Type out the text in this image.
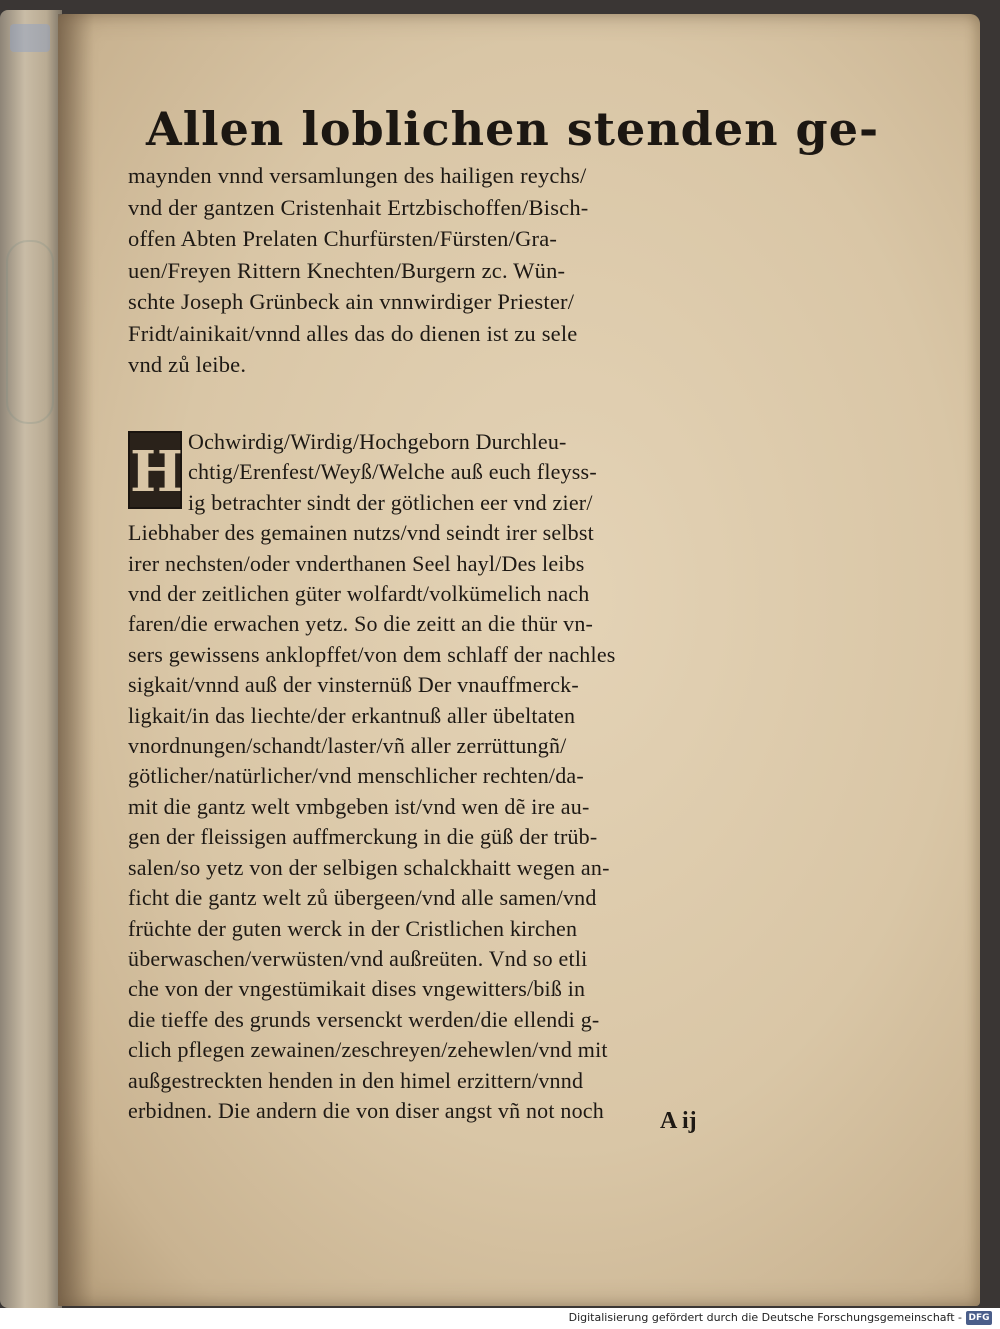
Allen loblichen stenden ge-
maynden vnnd versamlungen des hailigen reychs/
vnd der gantzen Cristenhait Ertzbischoffen/Bisch-
offen Abten Prelaten Churfürsten/Fürsten/Gra-
uen/Freyen Rittern Knechten/Burgern zc. Wün-
schte Joseph Grünbeck ain vnnwirdiger Priester/
Fridt/ainikait/vnnd alles das do dienen ist zu sele
vnd zů leibe.
H Ochwirdig/Wirdig/Hochgeborn Durchleu-
chtig/Erenfest/Weyß/Welche auß euch fleyss-
ig betrachter sindt der götlichen eer vnd zier/
Liebhaber des gemainen nutzs/vnd seindt irer selbst
irer nechsten/oder vnderthanen Seel hayl/Des leibs
vnd der zeitlichen güter wolfardt/volkümelich nach
faren/die erwachen yetz. So die zeitt an die thür vn-
sers gewissens anklopffet/von dem schlaff der nachles
sigkait/vnnd auß der vinsternüß Der vnauffmerck-
ligkait/in das liechte/der erkantnuß aller übeltaten
vnordnungen/schandt/laster/vñ aller zerrüttungñ/
götlicher/natürlicher/vnd menschlicher rechten/da-
mit die gantz welt vmbgeben ist/vnd wen dẽ ire au-
gen der fleissigen auffmerckung in die güß der trüb-
salen/so yetz von der selbigen schalckhaitt wegen an-
ficht die gantz welt zů übergeen/vnd alle samen/vnd
früchte der guten werck in der Cristlichen kirchen
überwaschen/verwüsten/vnd außreüten. Vnd so etli
che von der vngestümikait dises vngewitters/biß in
die tieffe des grunds versenckt werden/die ellendi g-
clich pflegen zewainen/zeschreyen/zehewlen/vnd mit
außgestreckten henden in den himel erzittern/vnnd
erbidnen. Die andern die von diser angst vñ not noch	A ij
Digitalisierung gefördert durch die Deutsche Forschungsgemeinschaft - DFG
